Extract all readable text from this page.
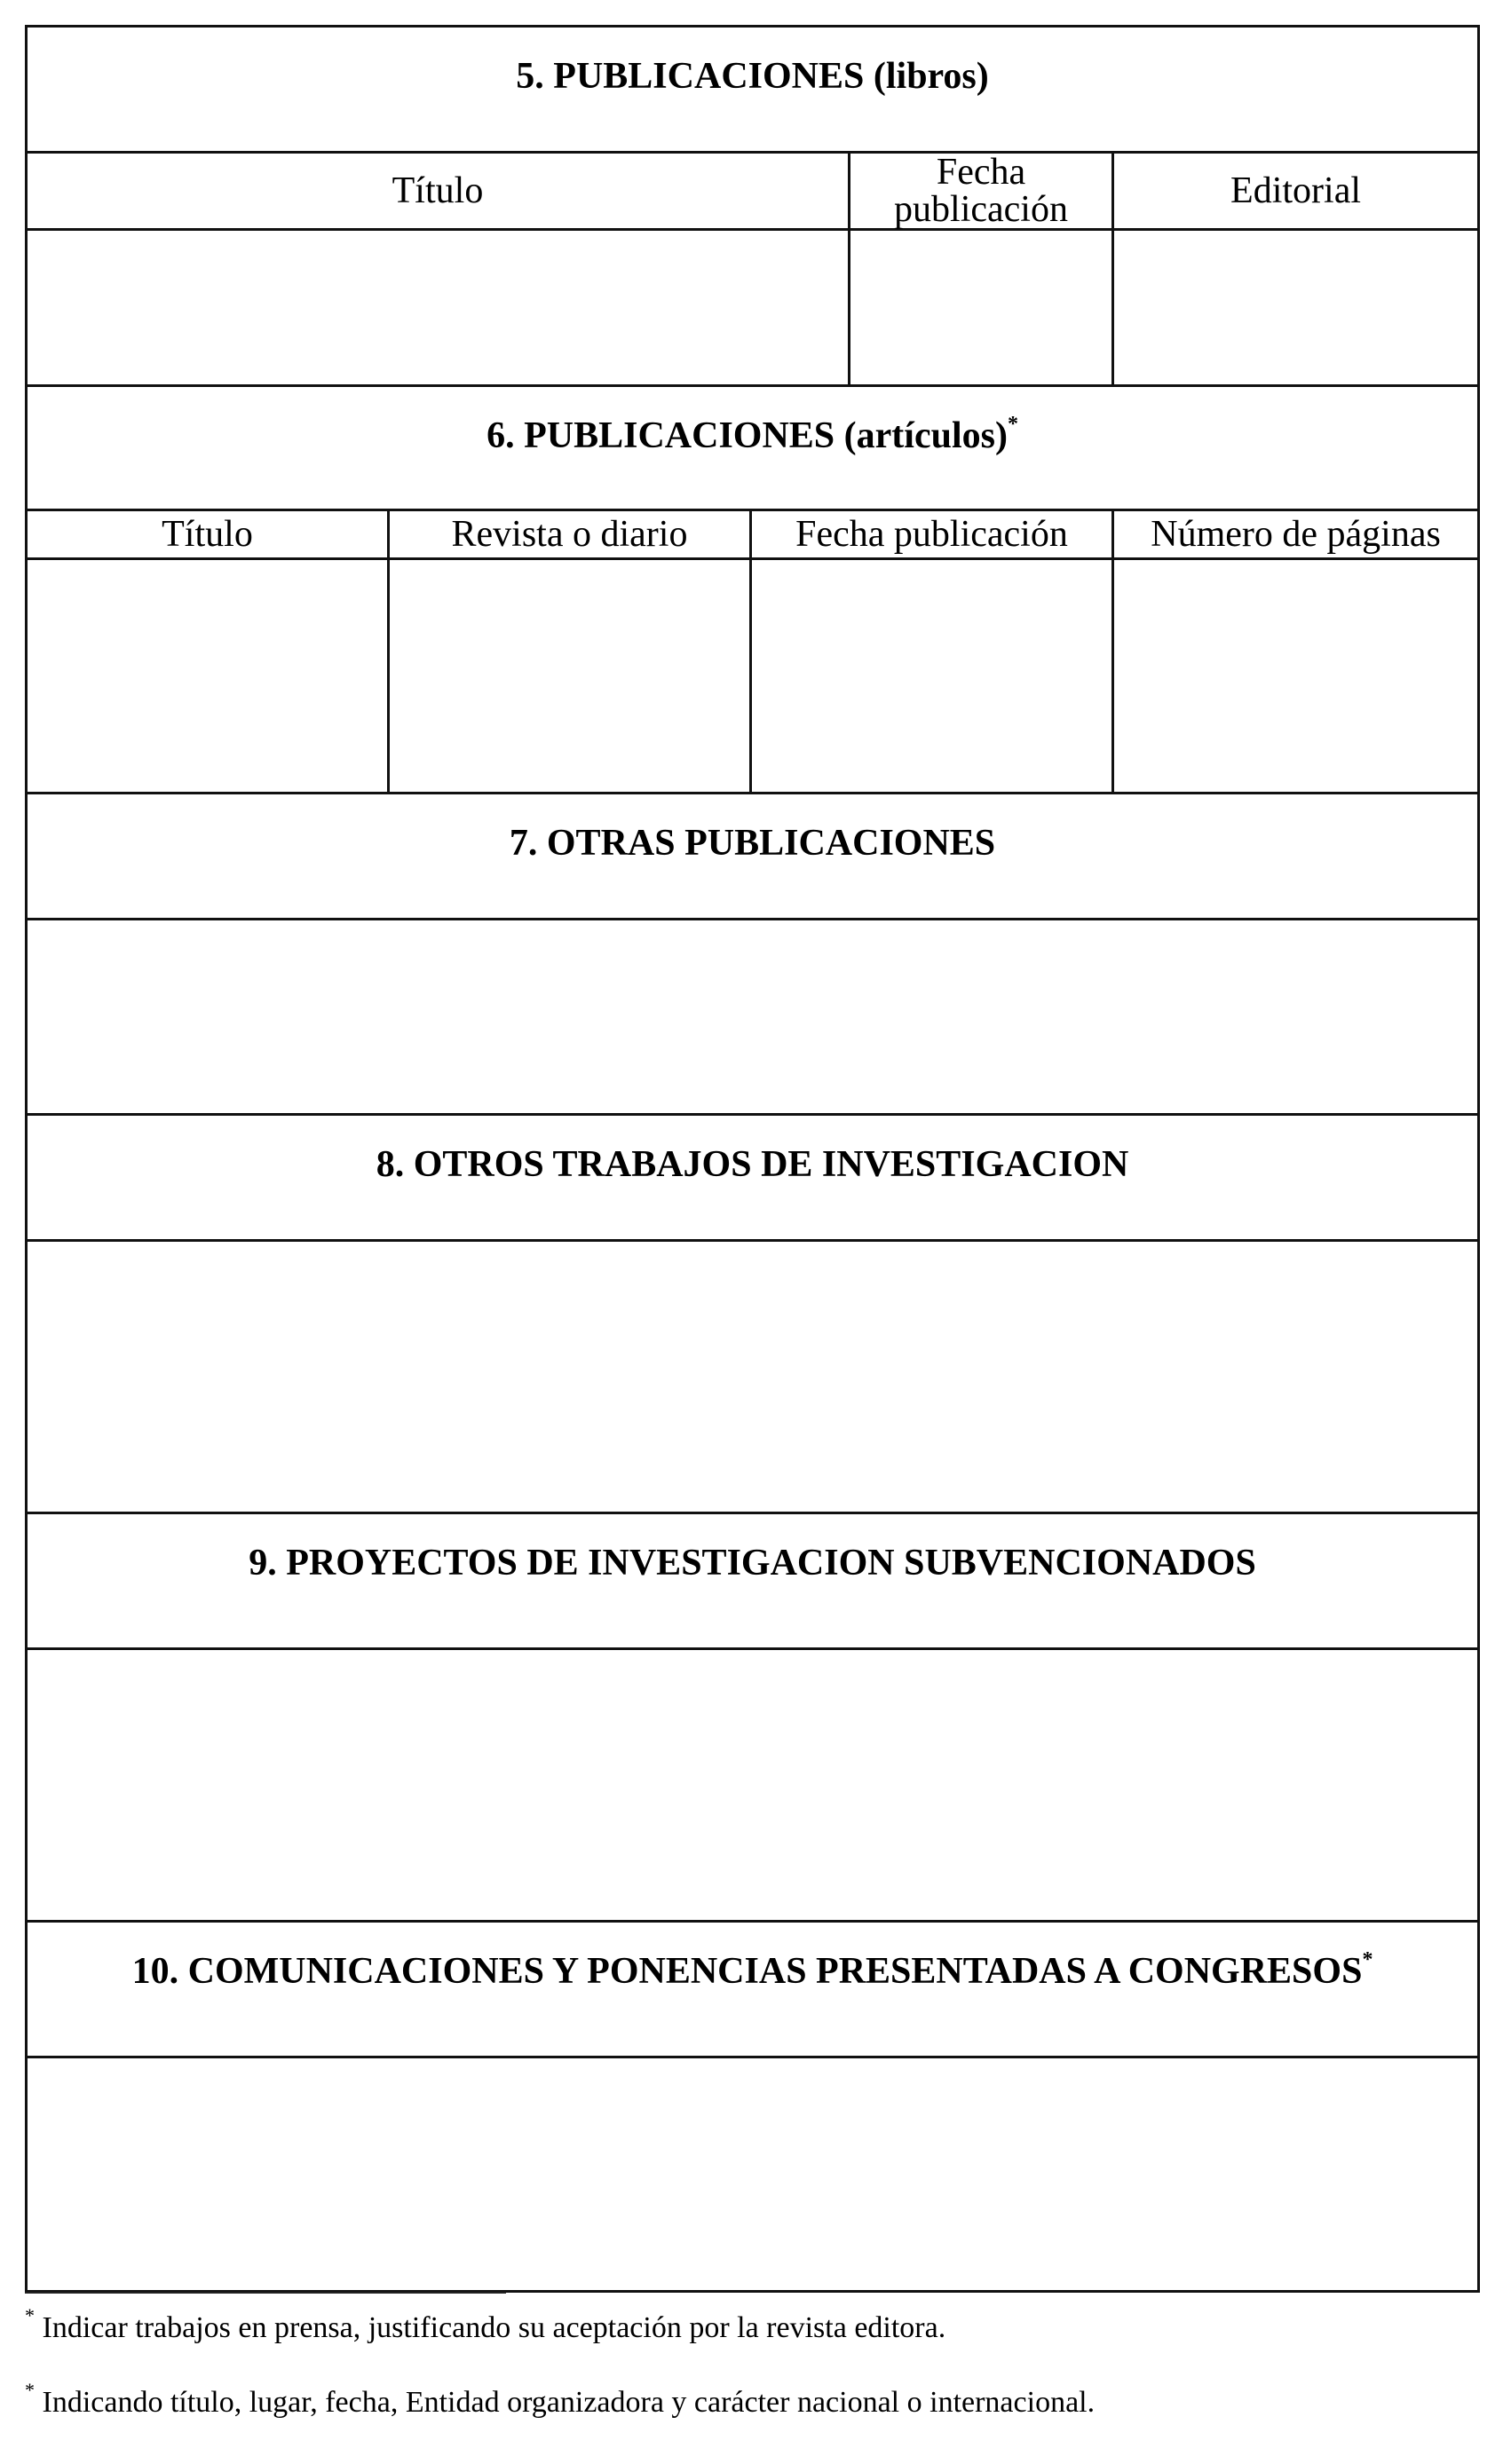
5. PUBLICACIONES (libros)				
Título			Fecha publicación	Editorial

6. PUBLICACIONES (artículos)*
Título	Revista o diario	Fecha publicación		Número de páginas

7. OTRAS PUBLICACIONES				

8. OTROS TRABAJOS DE INVESTIGACION				

9. PROYECTOS DE INVESTIGACION SUBVENCIONADOS				

10. COMUNICACIONES Y PONENCIAS PRESENTADAS A CONGRESOS*

* Indicar trabajos en prensa, justificando su aceptación por la revista editora.
* Indicando título, lugar, fecha, Entidad organizadora y carácter nacional o internacional.
